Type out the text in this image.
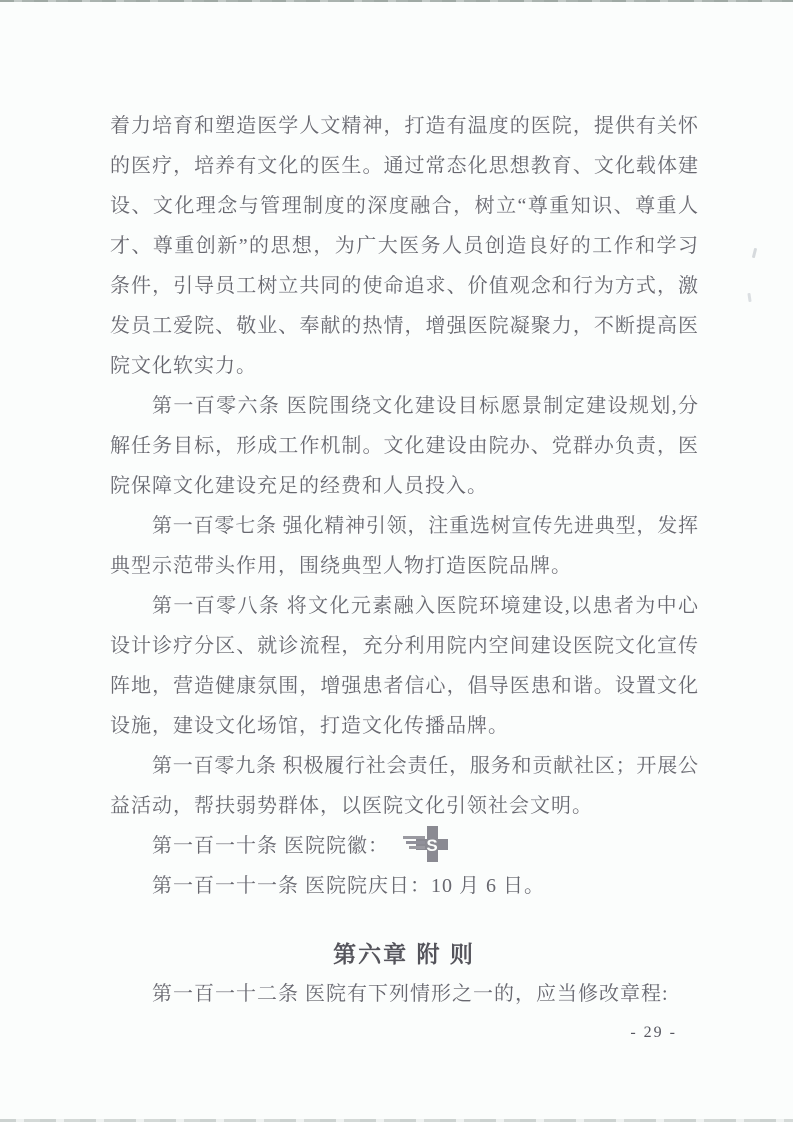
着力培育和塑造医学人文精神，打造有温度的医院，提供有关怀
的医疗，培养有文化的医生。通过常态化思想教育、文化载体建
设、文化理念与管理制度的深度融合，树立“尊重知识、尊重人
才、尊重创新”的思想，为广大医务人员创造良好的工作和学习
条件，引导员工树立共同的使命追求、价值观念和行为方式，激
发员工爱院、敬业、奉献的热情，增强医院凝聚力，不断提高医
院文化软实力。
第一百零六条 医院围绕文化建设目标愿景制定建设规划,分
解任务目标，形成工作机制。文化建设由院办、党群办负责，医
院保障文化建设充足的经费和人员投入。
第一百零七条 强化精神引领，注重选树宣传先进典型，发挥
典型示范带头作用，围绕典型人物打造医院品牌。
第一百零八条 将文化元素融入医院环境建设,以患者为中心
设计诊疗分区、就诊流程，充分利用院内空间建设医院文化宣传
阵地，营造健康氛围，增强患者信心，倡导医患和谐。设置文化
设施，建设文化场馆，打造文化传播品牌。
第一百零九条 积极履行社会责任，服务和贡献社区；开展公
益活动，帮扶弱势群体，以医院文化引领社会文明。
第一百一十条 医院院徽： S
第一百一十一条 医院院庆日：10 月 6 日。
第六章 附 则
第一百一十二条 医院有下列情形之一的，应当修改章程:
- 29 -
